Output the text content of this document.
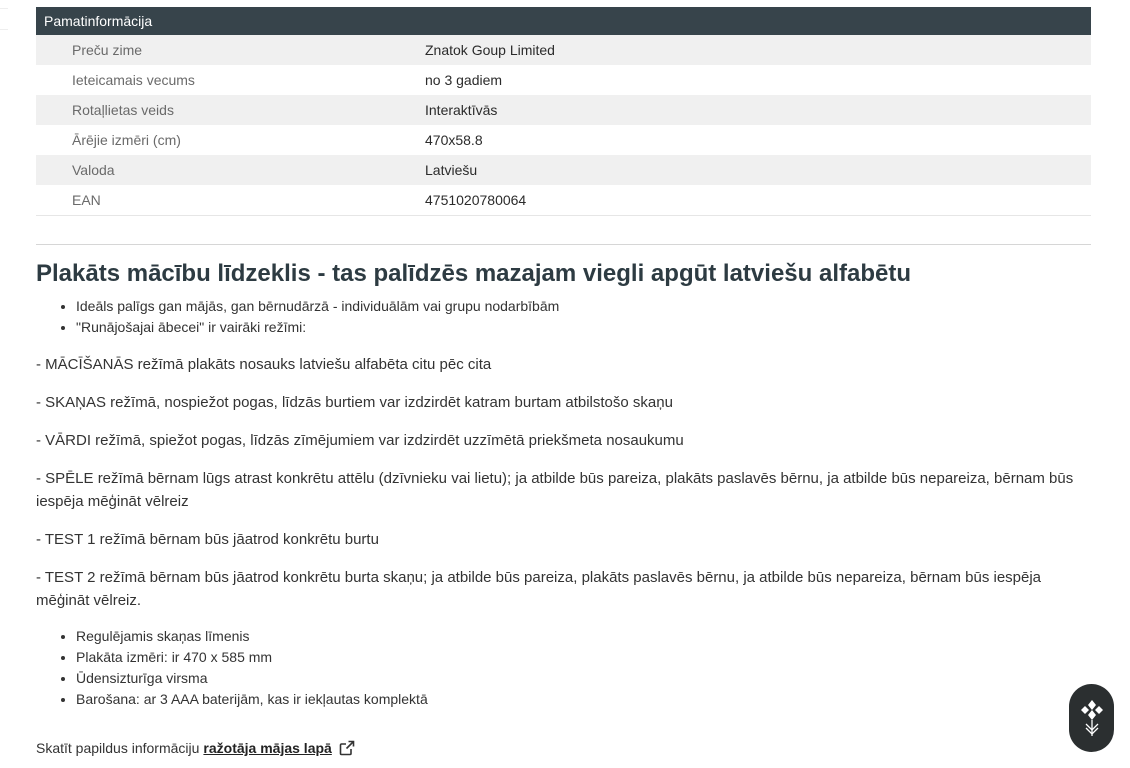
Pamatinformācija
Preču zime	Znatok Goup Limited
Ieteicamais vecums	no 3 gadiem
Rotaļlietas veids	Interaktīvās
Ārējie izmēri (cm)	470x58.8
Valoda	Latviešu
EAN	4751020780064
Plakāts mācību līdzeklis - tas palīdzēs mazajam viegli apgūt latviešu alfabētu
• Ideāls palīgs gan mājās, gan bērnudārzā - individuālām vai grupu nodarbībām
• "Runājošajai ābecei" ir vairāki režīmi:

- MĀCĪŠANĀS režīmā plakāts nosauks latviešu alfabēta citu pēc cita

- SKAŅAS režīmā, nospiežot pogas, līdzās burtiem var izdzirdēt katram burtam atbilstošo skaņu

- VĀRDI režīmā, spiežot pogas, līdzās zīmējumiem var izdzirdēt uzzīmētā priekšmeta nosaukumu

- SPĒLE režīmā bērnam lūgs atrast konkrētu attēlu (dzīvnieku vai lietu); ja atbilde būs pareiza, plakāts paslavēs bērnu, ja atbilde būs nepareiza, bērnam būs iespēja mēģināt vēlreiz

- TEST 1 režīmā bērnam būs jāatrod konkrētu burtu

- TEST 2 režīmā bērnam būs jāatrod konkrētu burta skaņu; ja atbilde būs pareiza, plakāts paslavēs bērnu, ja atbilde būs nepareiza, bērnam būs iespēja mēģināt vēlreiz.

• Regulējamis skaņas līmenis
• Plakāta izmēri: ir 470 x 585 mm
• Ūdensizturīga virsma
• Barošana: ar 3 AAA baterijām, kas ir iekļautas komplektā
Skatīt papildus informāciju ražotāja mājas lapā
